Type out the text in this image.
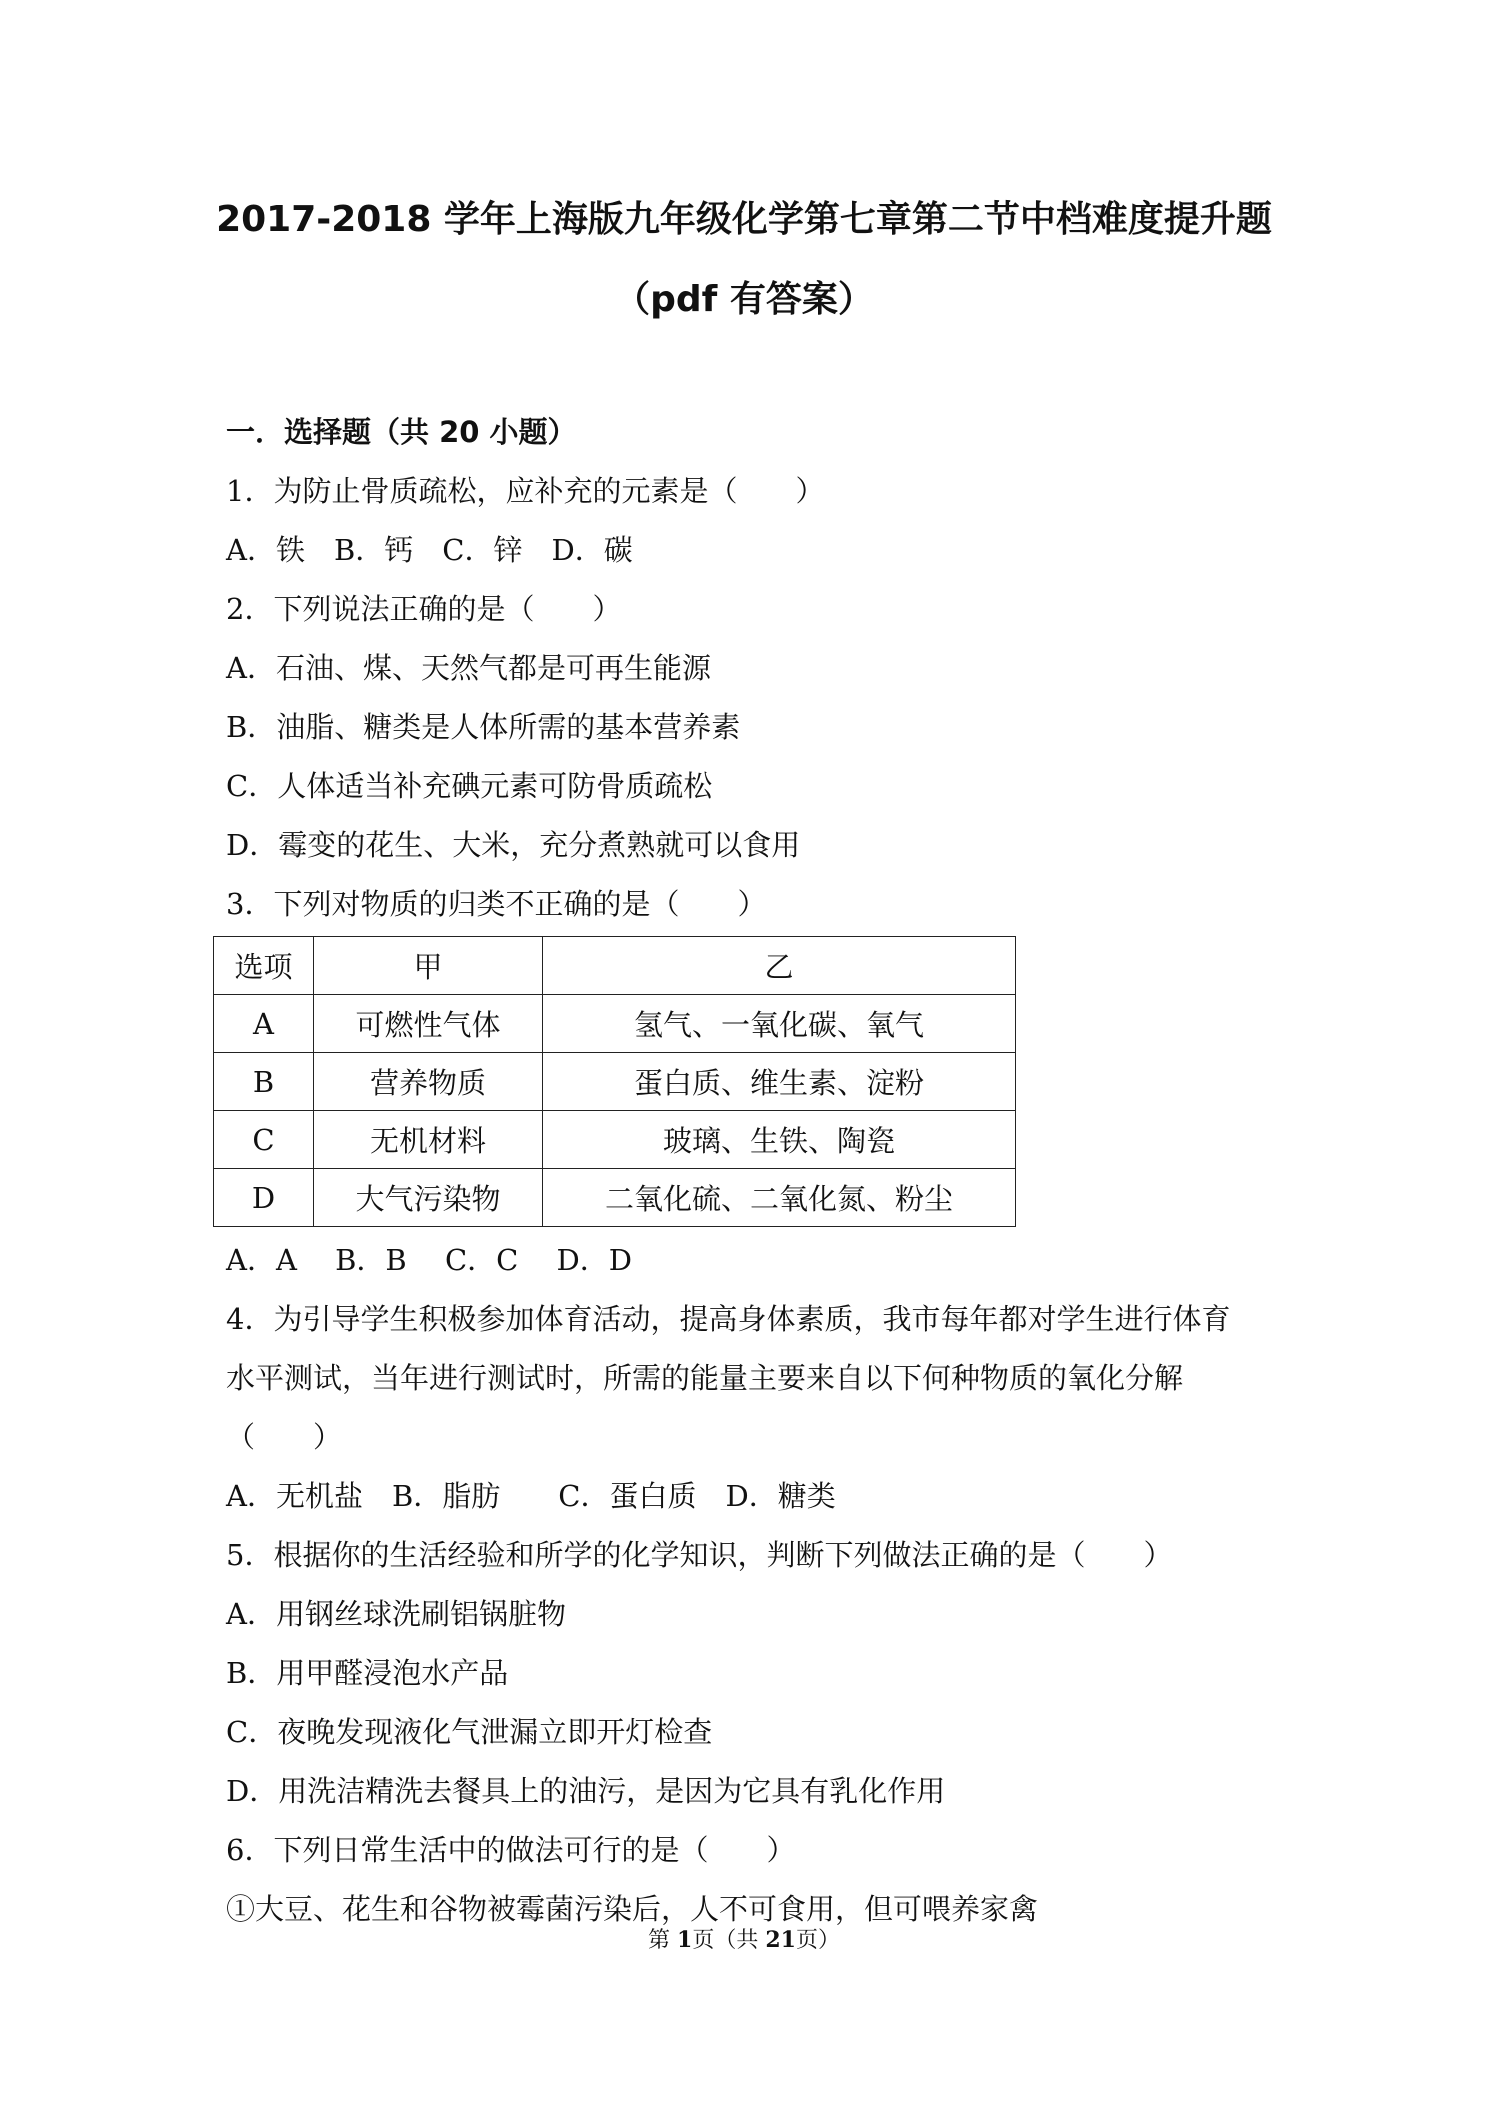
2017-2018 学年上海版九年级化学第七章第二节中档难度提升题
（pdf 有答案）
一．选择题（共 20 小题）
1．为防止骨质疏松，应补充的元素是（　　）
A．铁　B．钙　C．锌　D．碳
2．下列说法正确的是（　　）
A．石油、煤、天然气都是可再生能源
B．油脂、糖类是人体所需的基本营养素
C．人体适当补充碘元素可防骨质疏松
D．霉变的花生、大米，充分煮熟就可以食用
3．下列对物质的归类不正确的是（　　）
选项	甲	乙
A	可燃性气体	氢气、一氧化碳、氧气
B	营养物质	蛋白质、维生素、淀粉
C	无机材料	玻璃、生铁、陶瓷
D	大气污染物	二氧化硫、二氧化氮、粉尘
A．A　 B．B　 C．C　 D．D
4．为引导学生积极参加体育活动，提高身体素质，我市每年都对学生进行体育
水平测试，当年进行测试时，所需的能量主要来自以下何种物质的氧化分解
（　　）
A．无机盐　B．脂肪　　C．蛋白质　D．糖类
5．根据你的生活经验和所学的化学知识，判断下列做法正确的是（　　）
A．用钢丝球洗刷铝锅脏物
B．用甲醛浸泡水产品
C．夜晚发现液化气泄漏立即开灯检查
D．用洗洁精洗去餐具上的油污，是因为它具有乳化作用
6．下列日常生活中的做法可行的是（　　）
①大豆、花生和谷物被霉菌污染后，人不可食用，但可喂养家禽
第 1页（共 21页）
